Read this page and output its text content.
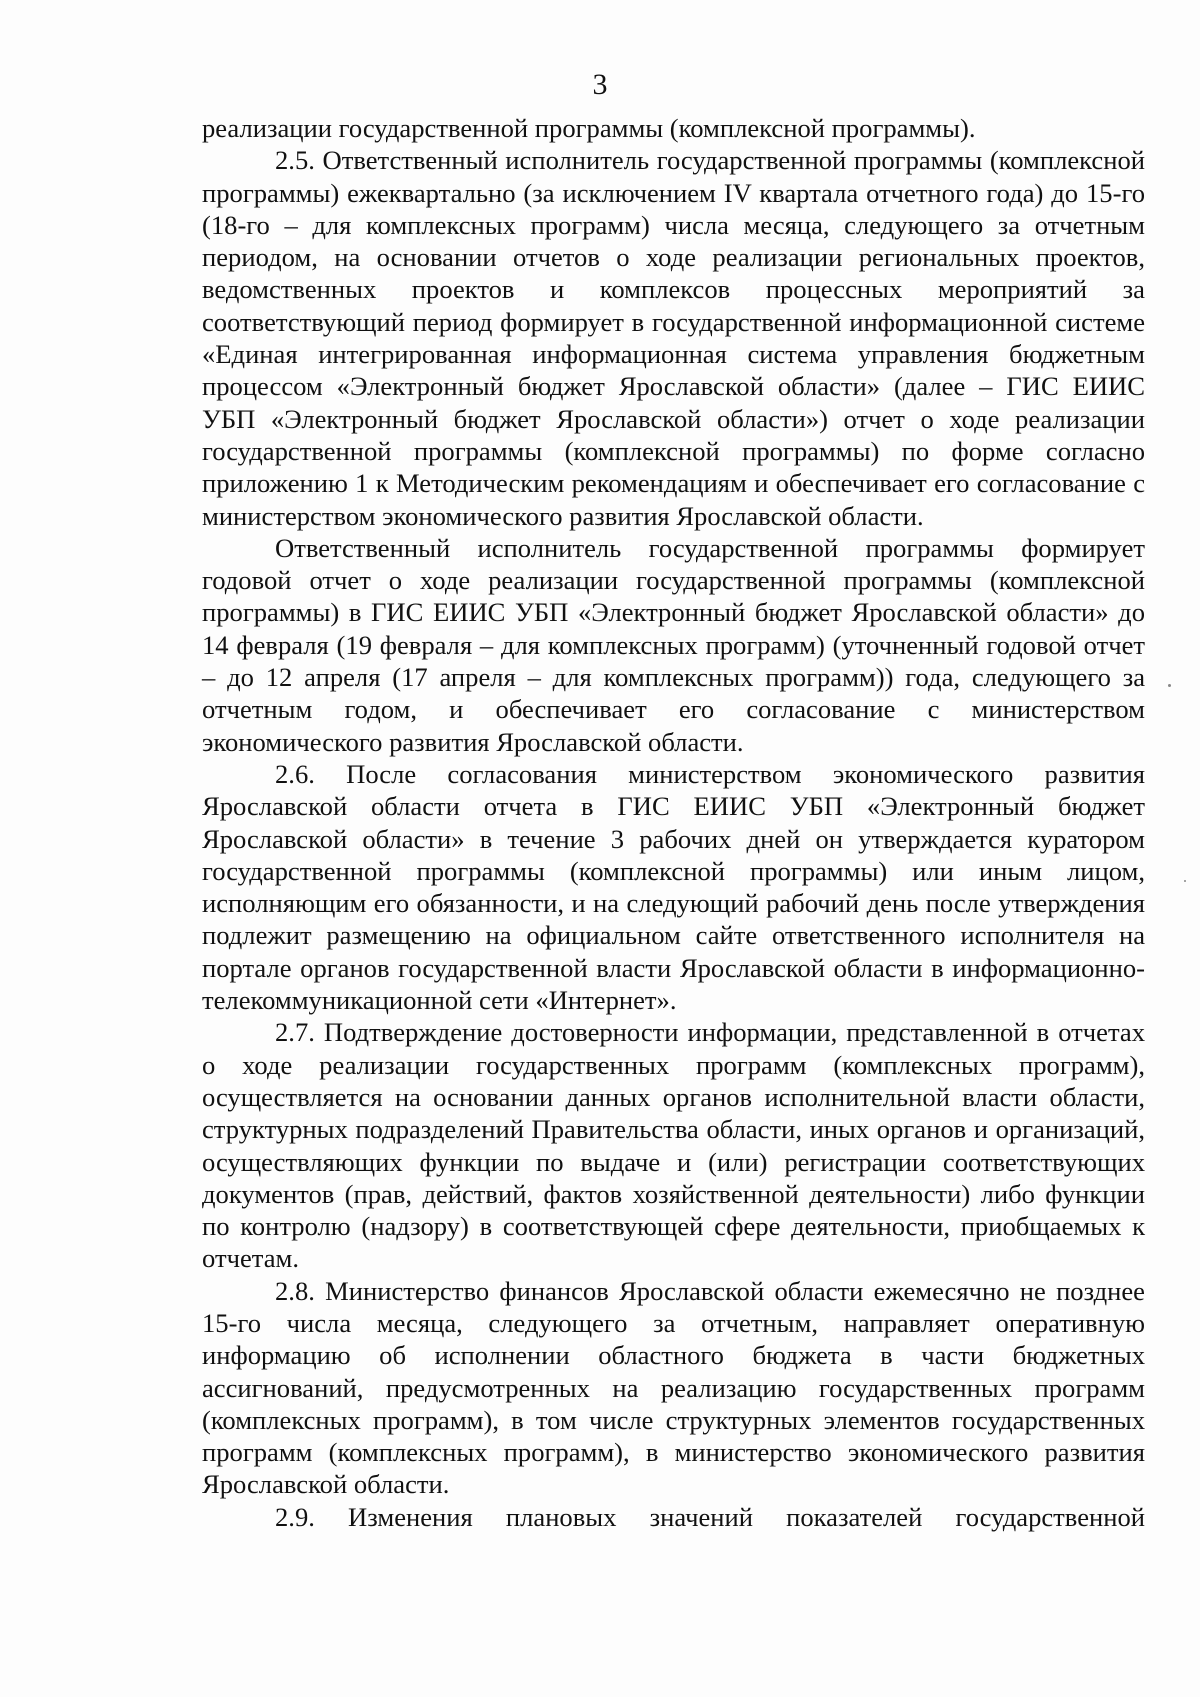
3

реализации государственной программы (комплексной программы).

2.5. Ответственный исполнитель государственной программы (комплексной программы) ежеквартально (за исключением IV квартала отчетного года) до 15-го (18-го – для комплексных программ) числа месяца, следующего за отчетным периодом, на основании отчетов о ходе реализации региональных проектов, ведомственных проектов и комплексов процессных мероприятий за соответствующий период формирует в государственной информационной системе «Единая интегрированная информационная система управления бюджетным процессом «Электронный бюджет Ярославской области» (далее – ГИС ЕИИС УБП «Электронный бюджет Ярославской области») отчет о ходе реализации государственной программы (комплексной программы) по форме согласно приложению 1 к Методическим рекомендациям и обеспечивает его согласование с министерством экономического развития Ярославской области.

Ответственный исполнитель государственной программы формирует годовой отчет о ходе реализации государственной программы (комплексной программы) в ГИС ЕИИС УБП «Электронный бюджет Ярославской области» до 14 февраля (19 февраля – для комплексных программ) (уточненный годовой отчет – до 12 апреля (17 апреля – для комплексных программ)) года, следующего за отчетным годом, и обеспечивает его согласование с министерством экономического развития Ярославской области.

2.6. После согласования министерством экономического развития Ярославской области отчета в ГИС ЕИИС УБП «Электронный бюджет Ярославской области» в течение 3 рабочих дней он утверждается куратором государственной программы (комплексной программы) или иным лицом, исполняющим его обязанности, и на следующий рабочий день после утверждения подлежит размещению на официальном сайте ответственного исполнителя на портале органов государственной власти Ярославской области в информационно-телекоммуникационной сети «Интернет».

2.7. Подтверждение достоверности информации, представленной в отчетах о ходе реализации государственных программ (комплексных программ), осуществляется на основании данных органов исполнительной власти области, структурных подразделений Правительства области, иных органов и организаций, осуществляющих функции по выдаче и (или) регистрации соответствующих документов (прав, действий, фактов хозяйственной деятельности) либо функции по контролю (надзору) в соответствующей сфере деятельности, приобщаемых к отчетам.

2.8. Министерство финансов Ярославской области ежемесячно не позднее 15-го числа месяца, следующего за отчетным, направляет оперативную информацию об исполнении областного бюджета в части бюджетных ассигнований, предусмотренных на реализацию государственных программ (комплексных программ), в том числе структурных элементов государственных программ (комплексных программ), в министерство экономического развития Ярославской области.

2.9. Изменения плановых значений показателей государственной
